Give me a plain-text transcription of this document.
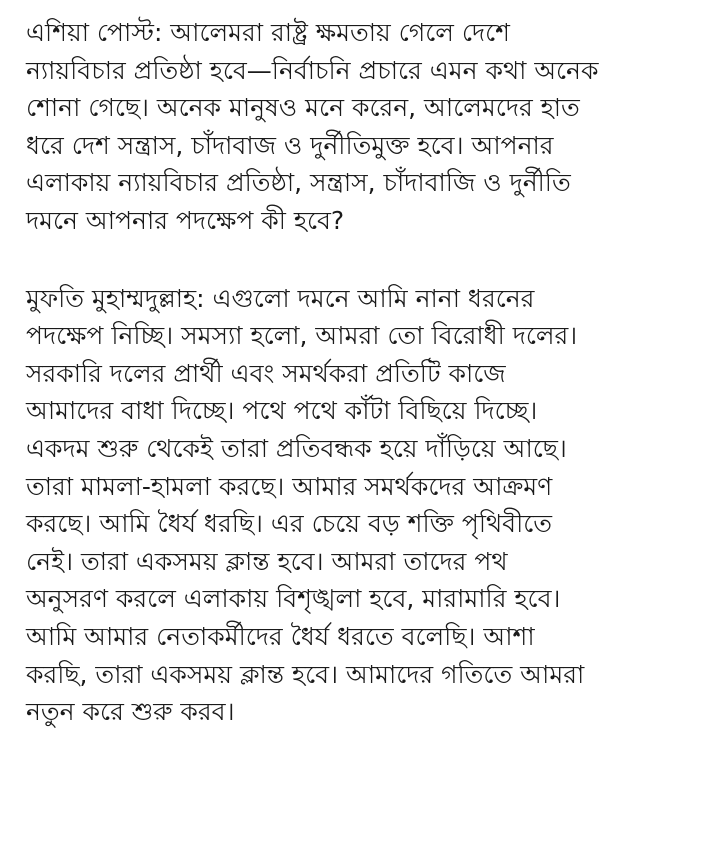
এশিয়া পোস্ট: আলেমরা রাষ্ট্র ক্ষমতায় গেলে দেশে
ন্যায়বিচার প্রতিষ্ঠা হবে—নির্বাচনি প্রচারে এমন কথা অনেক
শোনা গেছে। অনেক মানুষও মনে করেন, আলেমদের হাত
ধরে দেশ সন্ত্রাস, চাঁদাবাজ ও দুর্নীতিমুক্ত হবে। আপনার
এলাকায় ন্যায়বিচার প্রতিষ্ঠা, সন্ত্রাস, চাঁদাবাজি ও দুর্নীতি
দমনে আপনার পদক্ষেপ কী হবে?

মুফতি মুহাম্মদুল্লাহ: এগুলো দমনে আমি নানা ধরনের
পদক্ষেপ নিচ্ছি। সমস্যা হলো, আমরা তো বিরোধী দলের।
সরকারি দলের প্রার্থী এবং সমর্থকরা প্রতিটি কাজে
আমাদের বাধা দিচ্ছে। পথে পথে কাঁটা বিছিয়ে দিচ্ছে।
একদম শুরু থেকেই তারা প্রতিবন্ধক হয়ে দাঁড়িয়ে আছে।
তারা মামলা-হামলা করছে। আমার সমর্থকদের আক্রমণ
করছে। আমি ধৈর্য ধরছি। এর চেয়ে বড় শক্তি পৃথিবীতে
নেই। তারা একসময় ক্লান্ত হবে। আমরা তাদের পথ
অনুসরণ করলে এলাকায় বিশৃঙ্খলা হবে, মারামারি হবে।
আমি আমার নেতাকর্মীদের ধৈর্য ধরতে বলেছি। আশা
করছি, তারা একসময় ক্লান্ত হবে। আমাদের গতিতে আমরা
নতুন করে শুরু করব।
